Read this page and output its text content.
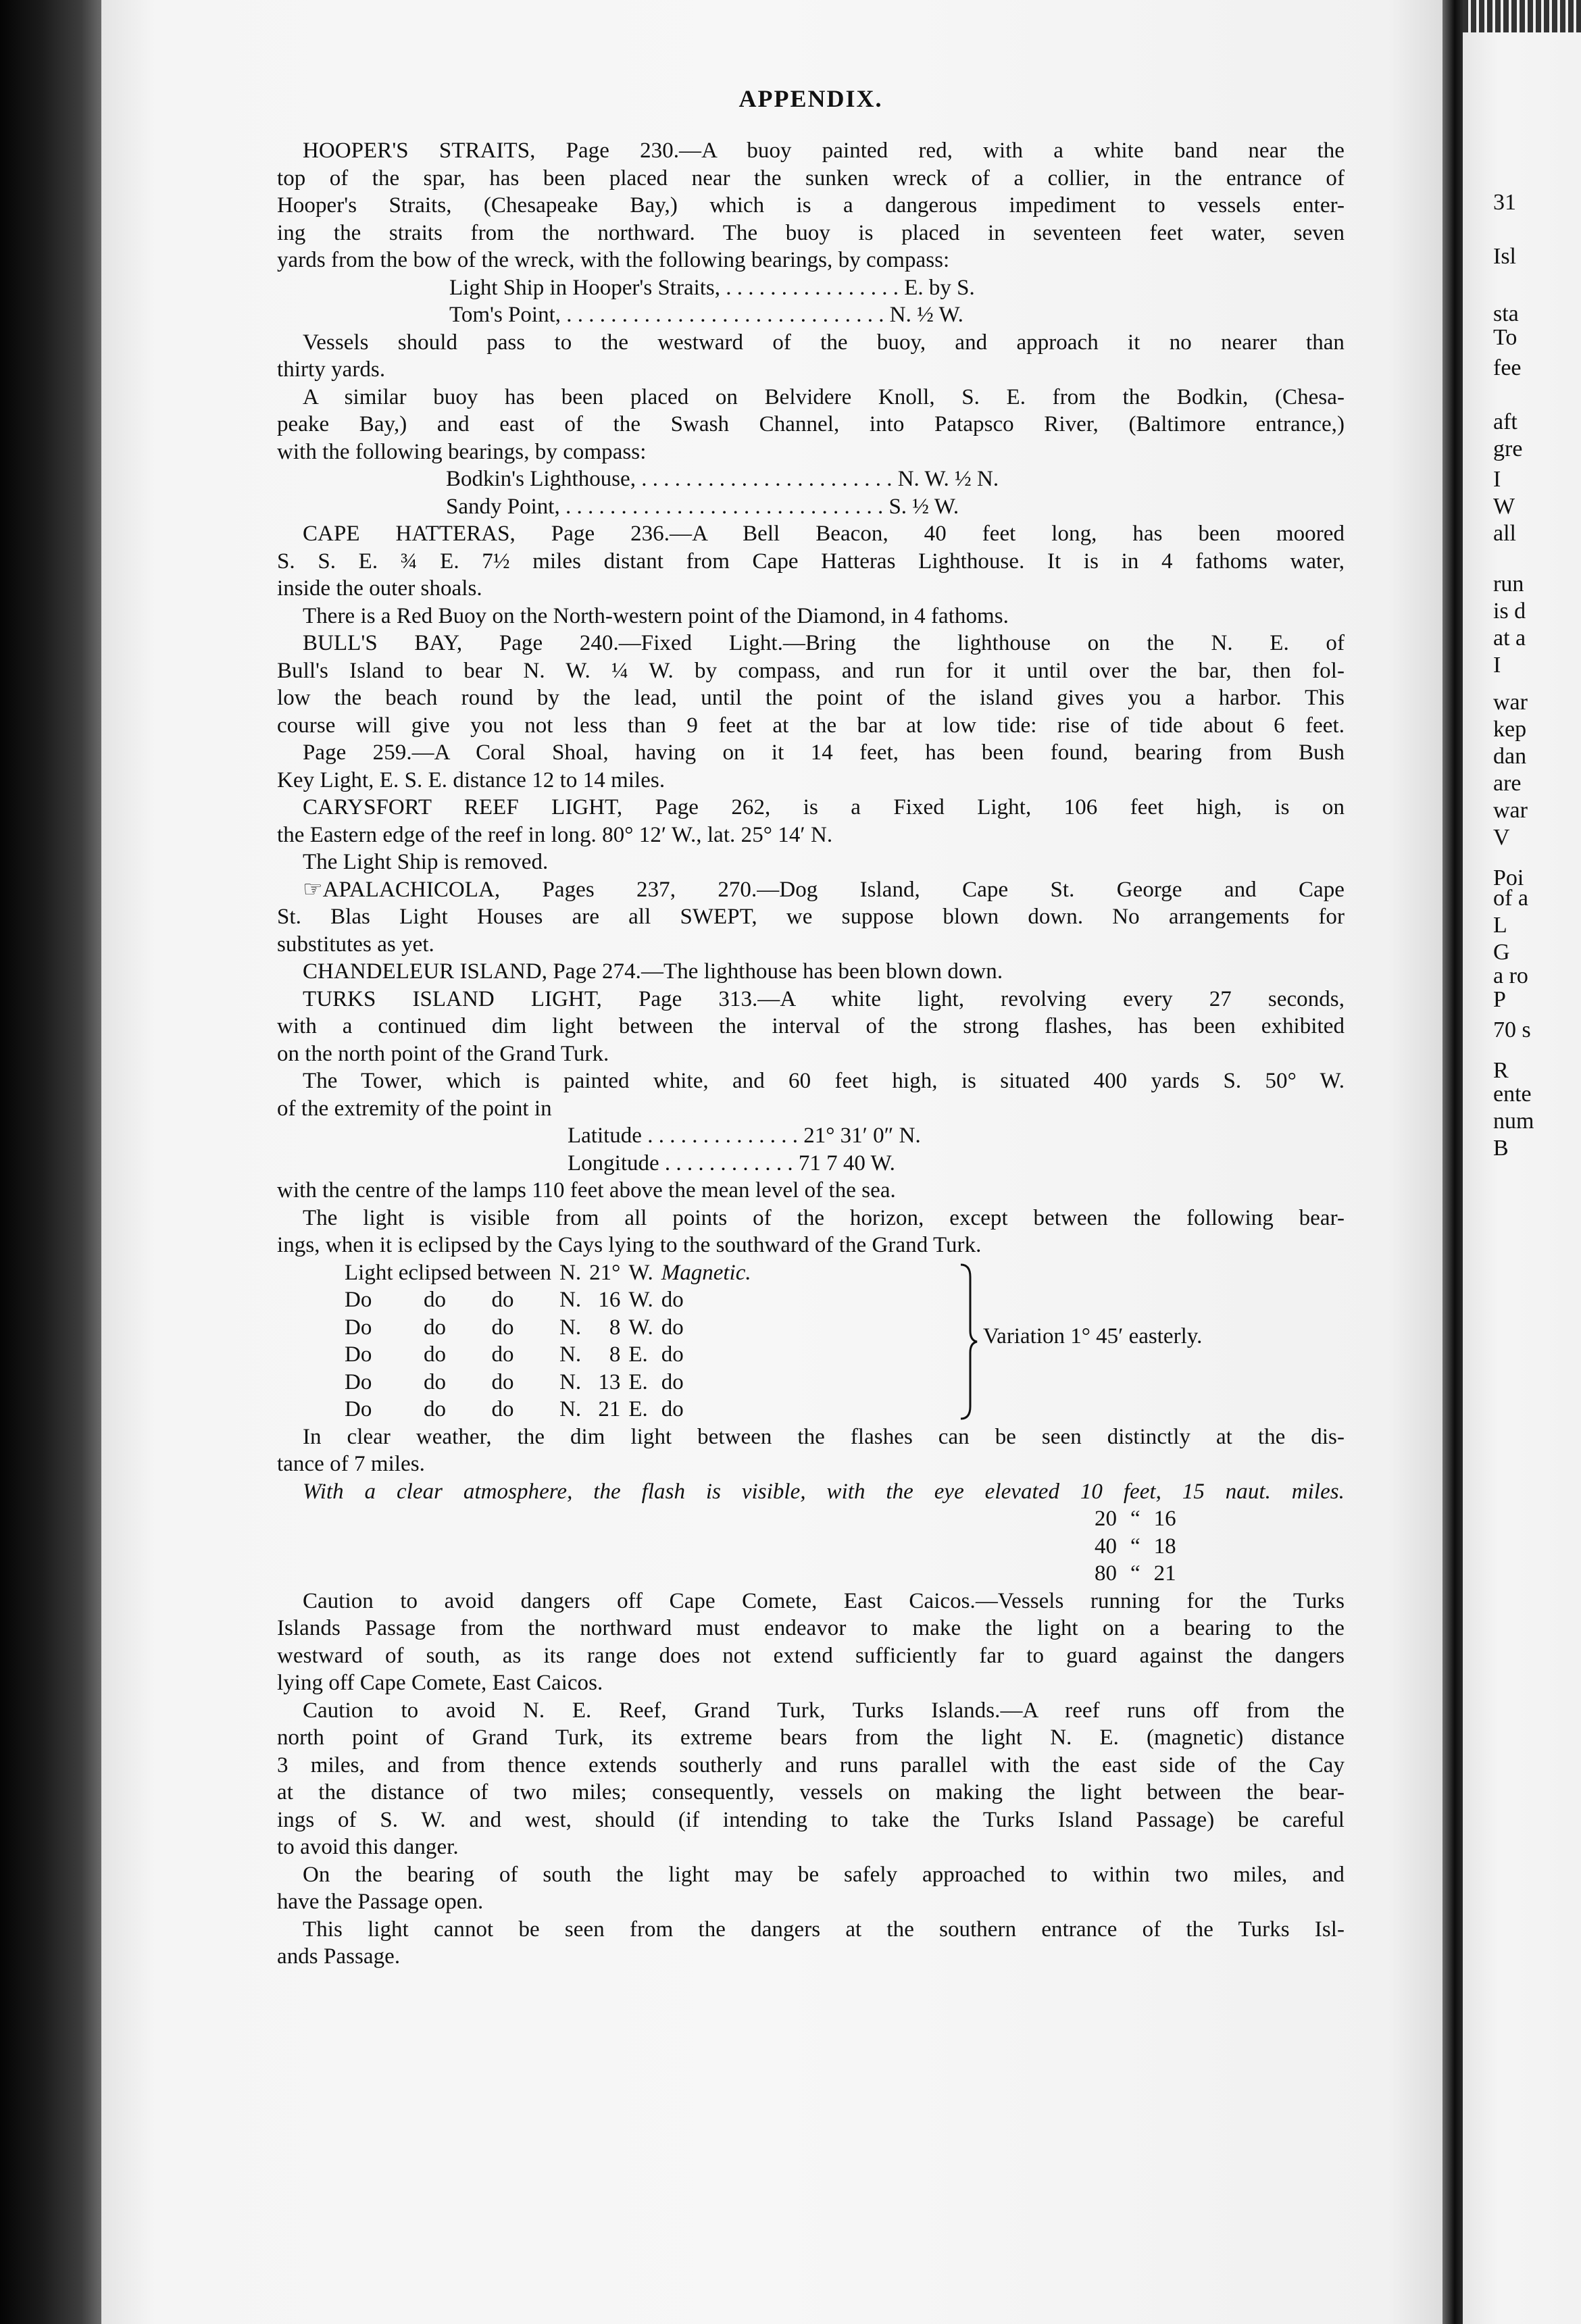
APPENDIX.

HOOPER'S STRAITS, Page 230.—A buoy painted red, with a white band near the
top of the spar, has been placed near the sunken wreck of a collier, in the entrance of
Hooper's Straits, (Chesapeake Bay,) which is a dangerous impediment to vessels enter-
ing the straits from the northward. The buoy is placed in seventeen feet water, seven
yards from the bow of the wreck, with the following bearings, by compass:
Light Ship in Hooper's Straits, . . . . . . . . . . . . . . . . E. by S.
Tom's Point, . . . . . . . . . . . . . . . . . . . . . . . . . . . . . N. ½ W.
Vessels should pass to the westward of the buoy, and approach it no nearer than
thirty yards.
A similar buoy has been placed on Belvidere Knoll, S. E. from the Bodkin, (Chesa-
peake Bay,) and east of the Swash Channel, into Patapsco River, (Baltimore entrance,)
with the following bearings, by compass:
Bodkin's Lighthouse, . . . . . . . . . . . . . . . . . . . . . . . N. W. ½ N.
Sandy Point, . . . . . . . . . . . . . . . . . . . . . . . . . . . . . S. ½ W.
CAPE HATTERAS, Page 236.—A Bell Beacon, 40 feet long, has been moored
S. S. E. ¾ E. 7½ miles distant from Cape Hatteras Lighthouse. It is in 4 fathoms water,
inside the outer shoals.
There is a Red Buoy on the North-western point of the Diamond, in 4 fathoms.
BULL'S BAY, Page 240.—Fixed Light.—Bring the lighthouse on the N. E. of
Bull's Island to bear N. W. ¼ W. by compass, and run for it until over the bar, then fol-
low the beach round by the lead, until the point of the island gives you a harbor. This
course will give you not less than 9 feet at the bar at low tide: rise of tide about 6 feet.
Page 259.—A Coral Shoal, having on it 14 feet, has been found, bearing from Bush
Key Light, E. S. E. distance 12 to 14 miles.
CARYSFORT REEF LIGHT, Page 262, is a Fixed Light, 106 feet high, is on
the Eastern edge of the reef in long. 80° 12′ W., lat. 25° 14′ N.
The Light Ship is removed.
☞APALACHICOLA, Pages 237, 270.—Dog Island, Cape St. George and Cape
St. Blas Light Houses are all SWEPT, we suppose blown down. No arrangements for
substitutes as yet.
CHANDELEUR ISLAND, Page 274.—The lighthouse has been blown down.
TURKS ISLAND LIGHT, Page 313.—A white light, revolving every 27 seconds,
with a continued dim light between the interval of the strong flashes, has been exhibited
on the north point of the Grand Turk.
The Tower, which is painted white, and 60 feet high, is situated 400 yards S. 50° W.
of the extremity of the point in
Latitude . . . . . . . . . . . . . . 21° 31′ 0″ N.
Longitude . . . . . . . . . . . . 71 7 40 W.
with the centre of the lamps 110 feet above the mean level of the sea.
The light is visible from all points of the horizon, except between the following bear-
ings, when it is eclipsed by the Cays lying to the southward of the Grand Turk.
Light eclipsed between			N.	21°	W.	Magnetic.
Do	do	do	N.	16	W.	do
Do	do	do	N.	8	W.	do
Do	do	do	N.	8	E.	do
Do	do	do	N.	13	E.	do
Do	do	do	N.	21	E.	do
Variation 1° 45′ easterly.
In clear weather, the dim light between the flashes can be seen distinctly at the dis-
tance of 7 miles.
With a clear atmosphere, the flash is visible, with the eye elevated 10 feet, 15 naut. miles.
20	“	16
40	“	18
80	“	21
Caution to avoid dangers off Cape Comete, East Caicos.—Vessels running for the Turks
Islands Passage from the northward must endeavor to make the light on a bearing to the
westward of south, as its range does not extend sufficiently far to guard against the dangers
lying off Cape Comete, East Caicos.
Caution to avoid N. E. Reef, Grand Turk, Turks Islands.—A reef runs off from the
north point of Grand Turk, its extreme bears from the light N. E. (magnetic) distance
3 miles, and from thence extends southerly and runs parallel with the east side of the Cay
at the distance of two miles; consequently, vessels on making the light between the bear-
ings of S. W. and west, should (if intending to take the Turks Island Passage) be careful
to avoid this danger.
On the bearing of south the light may be safely approached to within two miles, and
have the Passage open.
This light cannot be seen from the dangers at the southern entrance of the Turks Isl-
ands Passage.

31

Isl

sta

To

fee

aft

gre

I

W

all

run

is d

at a

I

war

kep

dan

are

war

V

Poi

of a

L

G

a ro

P

70 s

R

ente

num

B
